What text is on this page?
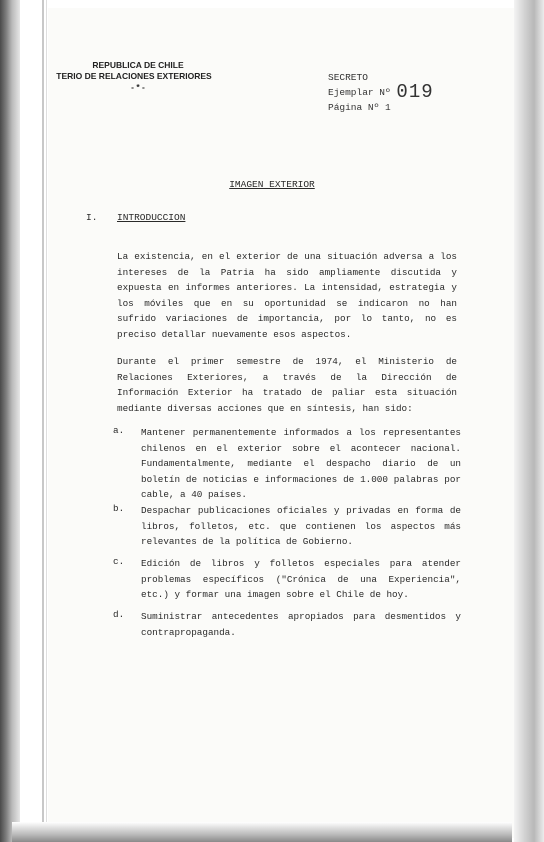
REPUBLICA DE CHILE
TERIO DE RELACIONES EXTERIORES
- * -
SECRETO
Ejemplar Nº 019
Página Nº 1
IMAGEN EXTERIOR
I. INTRODUCCION
La existencia, en el exterior de una situación adversa a los intereses de la Patria ha sido ampliamente discutida y expuesta en informes anteriores. La intensidad, estrategia y los móviles que en su oportunidad se indicaron no han sufrido variaciones de importancia, por lo tanto, no es preciso detallar nuevamente esos aspectos.
Durante el primer semestre de 1974, el Ministerio de Relaciones Exteriores, a través de la Dirección de Información Exterior ha tratado de paliar esta situación mediante diversas acciones que en síntesis, han sido:
a. Mantener permanentemente informados a los representantes chilenos en el exterior sobre el acontecer nacional. Fundamentalmente, mediante el despacho diario de un boletín de noticias e informaciones de 1.000 palabras por cable, a 40 países.
b. Despachar publicaciones oficiales y privadas en forma de libros, folletos, etc. que contienen los aspectos más relevantes de la política de Gobierno.
c. Edición de libros y folletos especiales para atender problemas específicos ("Crónica de una Experiencia", etc.) y formar una imagen sobre el Chile de hoy.
d. Suministrar antecedentes apropiados para desmentidos y contrapropaganda.
